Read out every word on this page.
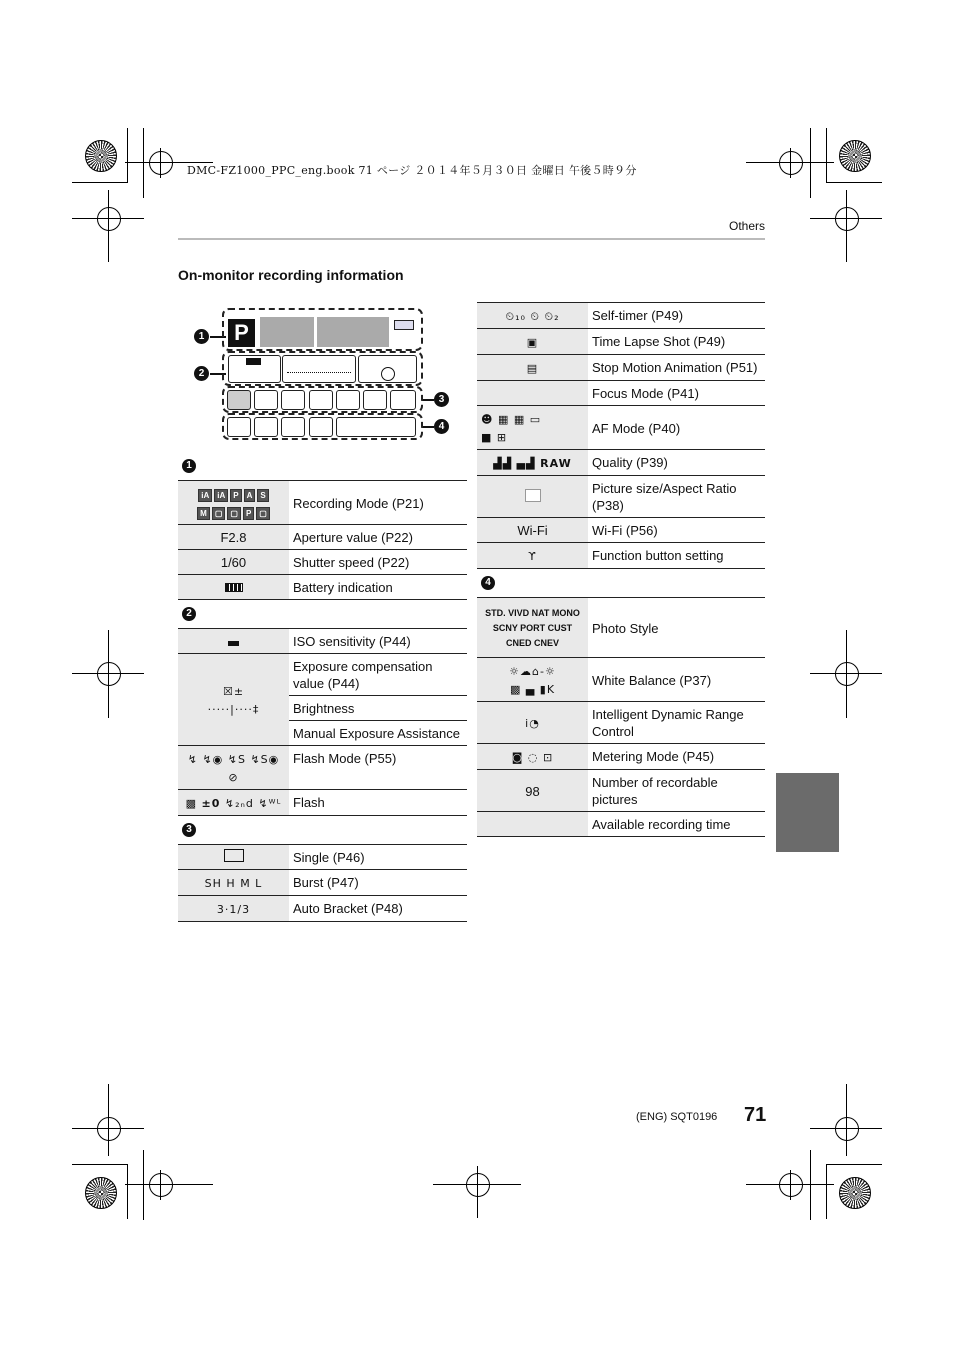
DMC-FZ1000_PPC_eng.book 71 ページ ２０１４年５月３０日 金曜日 午後５時９分
Others
On-monitor recording information
1
2
3
4
P
1	
iA iA P A S
M ▢ ▢ P ▢	Recording Mode (P21)
F2.8	Aperture value (P22)
1/60	Shutter speed (P22)
	Battery indication
2	
	ISO sensitivity (P44)
☒±
·····|····‡	Exposure compensation value (P44)
	Brightness
	Manual Exposure Assistance
↯ ↯◉ ↯S ↯S◉ ⊘	Flash Mode (P55)
▩ ±0 ↯₂ₙd ↯ᵂᴸ	Flash
3	
	Single (P46)
SH H M L	Burst (P47)
3·1/3	Auto Bracket (P48)
⏲₁₀ ⏲ ⏲₂	Self-timer (P49)
▣	Time Lapse Shot (P49)
▤	Stop Motion Animation (P51)
	Focus Mode (P41)
☻ ▦ ▦ ▭
■ ⊞	AF Mode (P40)
▟▟ ▄▟ RAW	Quality (P39)
	Picture size/Aspect Ratio (P38)
Wi-Fi	Wi-Fi (P56)
ϒ	Function button setting
4	
STD. VIVD NAT MONO SCNY PORT CUST CNED CNEV	Photo Style
☼☁⌂-☼
▩ ▄ ▮K	White Balance (P37)
i◔	Intelligent Dynamic Range Control
◙ ◌ ⊡	Metering Mode (P45)
98	Number of recordable pictures
	Available recording time
(ENG) SQT0196 71
